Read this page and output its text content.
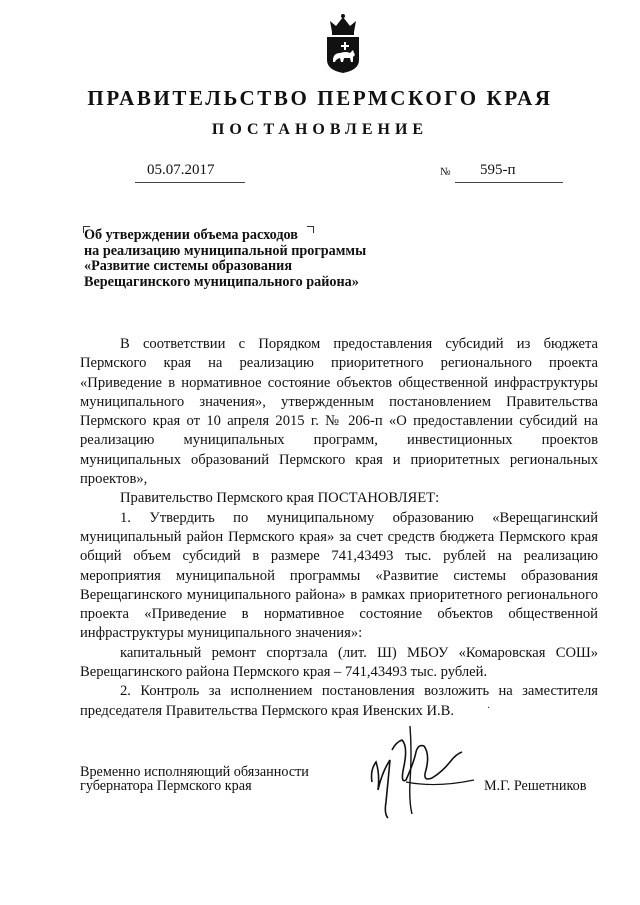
ПРАВИТЕЛЬСТВО ПЕРМСКОГО КРАЯ
ПОСТАНОВЛЕНИЕ
05.07.2017	№ 595-п
Об утверждении объема расходов
на реализацию муниципальной программы
«Развитие системы образования
Верещагинского муниципального района»

В соответствии с Порядком предоставления субсидий из бюджета Пермского края на реализацию приоритетного регионального проекта «Приведение в нормативное состояние объектов общественной инфраструктуры муниципального значения», утвержденным постановлением Правительства Пермского края от 10 апреля 2015 г. № 206-п «О предоставлении субсидий на реализацию муниципальных программ, инвестиционных проектов муниципальных образований Пермского края и приоритетных региональных проектов»,

Правительство Пермского края ПОСТАНОВЛЯЕТ:

1. Утвердить по муниципальному образованию «Верещагинский муниципальный район Пермского края» за счет средств бюджета Пермского края общий объем субсидий в размере 741,43493 тыс. рублей на реализацию мероприятия муниципальной программы «Развитие системы образования Верещагинского муниципального района» в рамках приоритетного регионального проекта «Приведение в нормативное состояние объектов общественной инфраструктуры муниципального значения»:

капитальный ремонт спортзала (лит. Ш) МБОУ «Комаровская СОШ» Верещагинского района Пермского края – 741,43493 тыс. рублей.

2. Контроль за исполнением постановления возложить на заместителя председателя Правительства Пермского края Ивенских И.В.	·
Временно исполняющий обязанности
губернатора Пермского края	М.Г. Решетников
